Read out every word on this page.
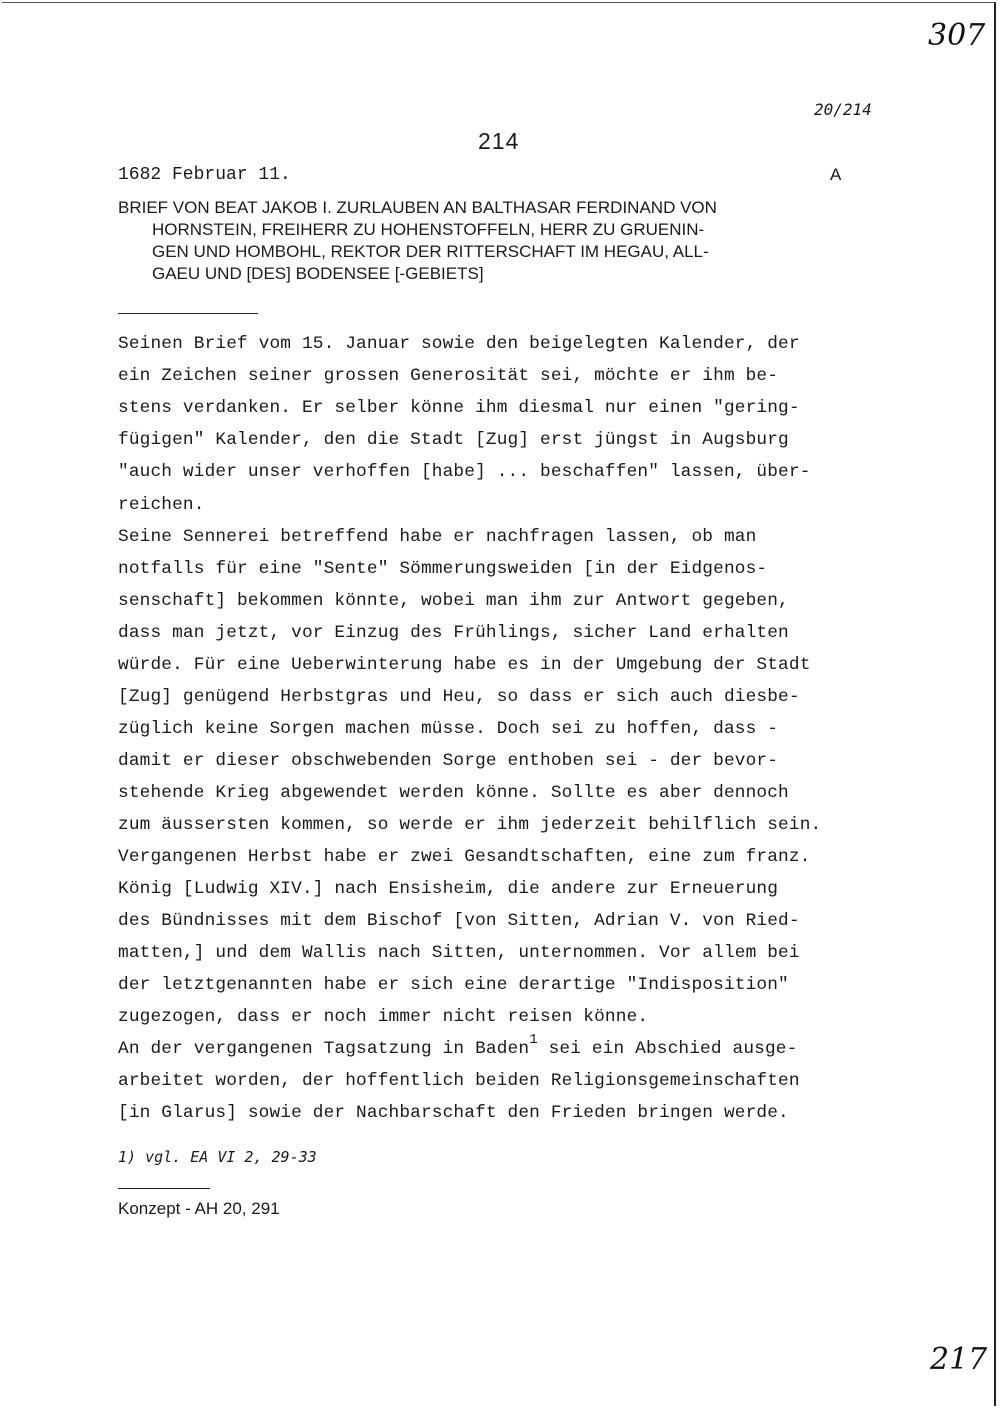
307
20/214
214
1682 Februar 11.	A
BRIEF VON BEAT JAKOB I. ZURLAUBEN AN BALTHASAR FERDINAND VON
HORNSTEIN, FREIHERR ZU HOHENSTOFFELN, HERR ZU GRUENIN-
GEN UND HOMBOHL, REKTOR DER RITTERSCHAFT IM HEGAU, ALL-
GAEU UND [DES] BODENSEE [-GEBIETS]
Seinen Brief vom 15. Januar sowie den beigelegten Kalender, der
ein Zeichen seiner grossen Generosität sei, möchte er ihm be-
stens verdanken. Er selber könne ihm diesmal nur einen "gering-
fügigen" Kalender, den die Stadt [Zug] erst jüngst in Augsburg
"auch wider unser verhoffen [habe] ... beschaffen" lassen, über-
reichen.
Seine Sennerei betreffend habe er nachfragen lassen, ob man
notfalls für eine "Sente" Sömmerungsweiden [in der Eidgenos-
senschaft] bekommen könnte, wobei man ihm zur Antwort gegeben,
dass man jetzt, vor Einzug des Frühlings, sicher Land erhalten
würde. Für eine Ueberwinterung habe es in der Umgebung der Stadt
[Zug] genügend Herbstgras und Heu, so dass er sich auch diesbe-
züglich keine Sorgen machen müsse. Doch sei zu hoffen, dass -
damit er dieser obschwebenden Sorge enthoben sei - der bevor-
stehende Krieg abgewendet werden könne. Sollte es aber dennoch
zum äussersten kommen, so werde er ihm jederzeit behilflich sein.
Vergangenen Herbst habe er zwei Gesandtschaften, eine zum franz.
König [Ludwig XIV.] nach Ensisheim, die andere zur Erneuerung
des Bündnisses mit dem Bischof [von Sitten, Adrian V. von Ried-
matten,] und dem Wallis nach Sitten, unternommen. Vor allem bei
der letztgenannten habe er sich eine derartige "Indisposition"
zugezogen, dass er noch immer nicht reisen könne.
An der vergangenen Tagsatzung in Baden$^1$ sei ein Abschied ausge-
arbeitet worden, der hoffentlich beiden Religionsgemeinschaften
[in Glarus] sowie der Nachbarschaft den Frieden bringen werde.
1) vgl. EA VI 2, 29-33
Konzept - AH 20, 291
217
